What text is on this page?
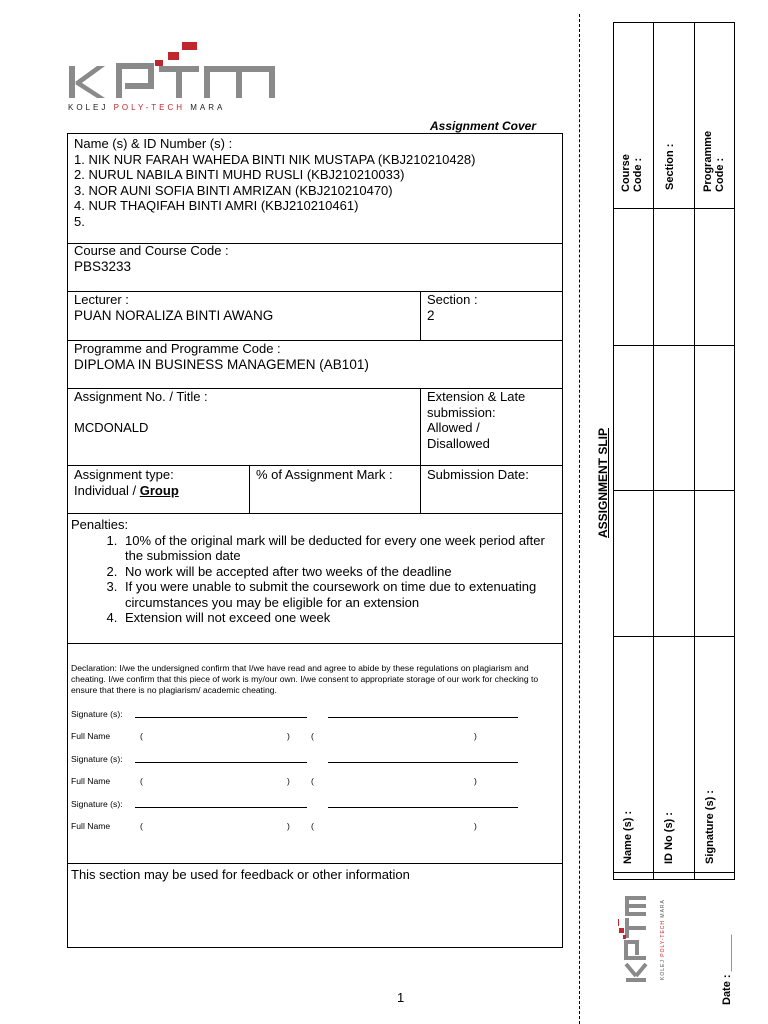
KOLEJ POLY-TECH MARA
Assignment Cover
Name (s) & ID Number (s) :
1. NIK NUR FARAH WAHEDA BINTI NIK MUSTAPA (KBJ210210428)
2. NURUL NABILA BINTI MUHD RUSLI (KBJ210210033)
3. NOR AUNI SOFIA BINTI AMRIZAN (KBJ210210470)
4. NUR THAQIFAH BINTI AMRI (KBJ210210461)
5.
Course and Course Code :
PBS3233
Lecturer :
PUAN NORALIZA BINTI AWANG
Section :
2
Programme and Programme Code :
DIPLOMA IN BUSINESS MANAGEMEN (AB101)
Assignment No. / Title :
MCDONALD
Extension & Late
submission:
Allowed /
Disallowed
Assignment type:
Individual / Group
% of Assignment Mark :	Submission Date:
Penalties:
1. 10% of the original mark will be deducted for every one week period after the submission date
2. No work will be accepted after two weeks of the deadline
3. If you were unable to submit the coursework on time due to extenuating circumstances you may be eligible for an extension
4. Extension will not exceed one week
Declaration: I/we the undersigned confirm that I/we have read and agree to abide by these regulations on plagiarism and cheating. I/we confirm that this piece of work is my/our own. I/we consent to appropriate storage of our work for checking to ensure that there is no plagiarism/ academic cheating.
Signature (s):
Full Name	(	) (	)
Signature (s):
Full Name	(	) (	)
Signature (s):
Full Name	(	) (	)
This section may be used for feedback or other information
1
ASSIGNMENT SLIP
Course Code : Section : Programme Code :
Name (s) :	ID No (s) :	Signature (s) :
KOLEJ POLY-TECH MARA
Date : ______
